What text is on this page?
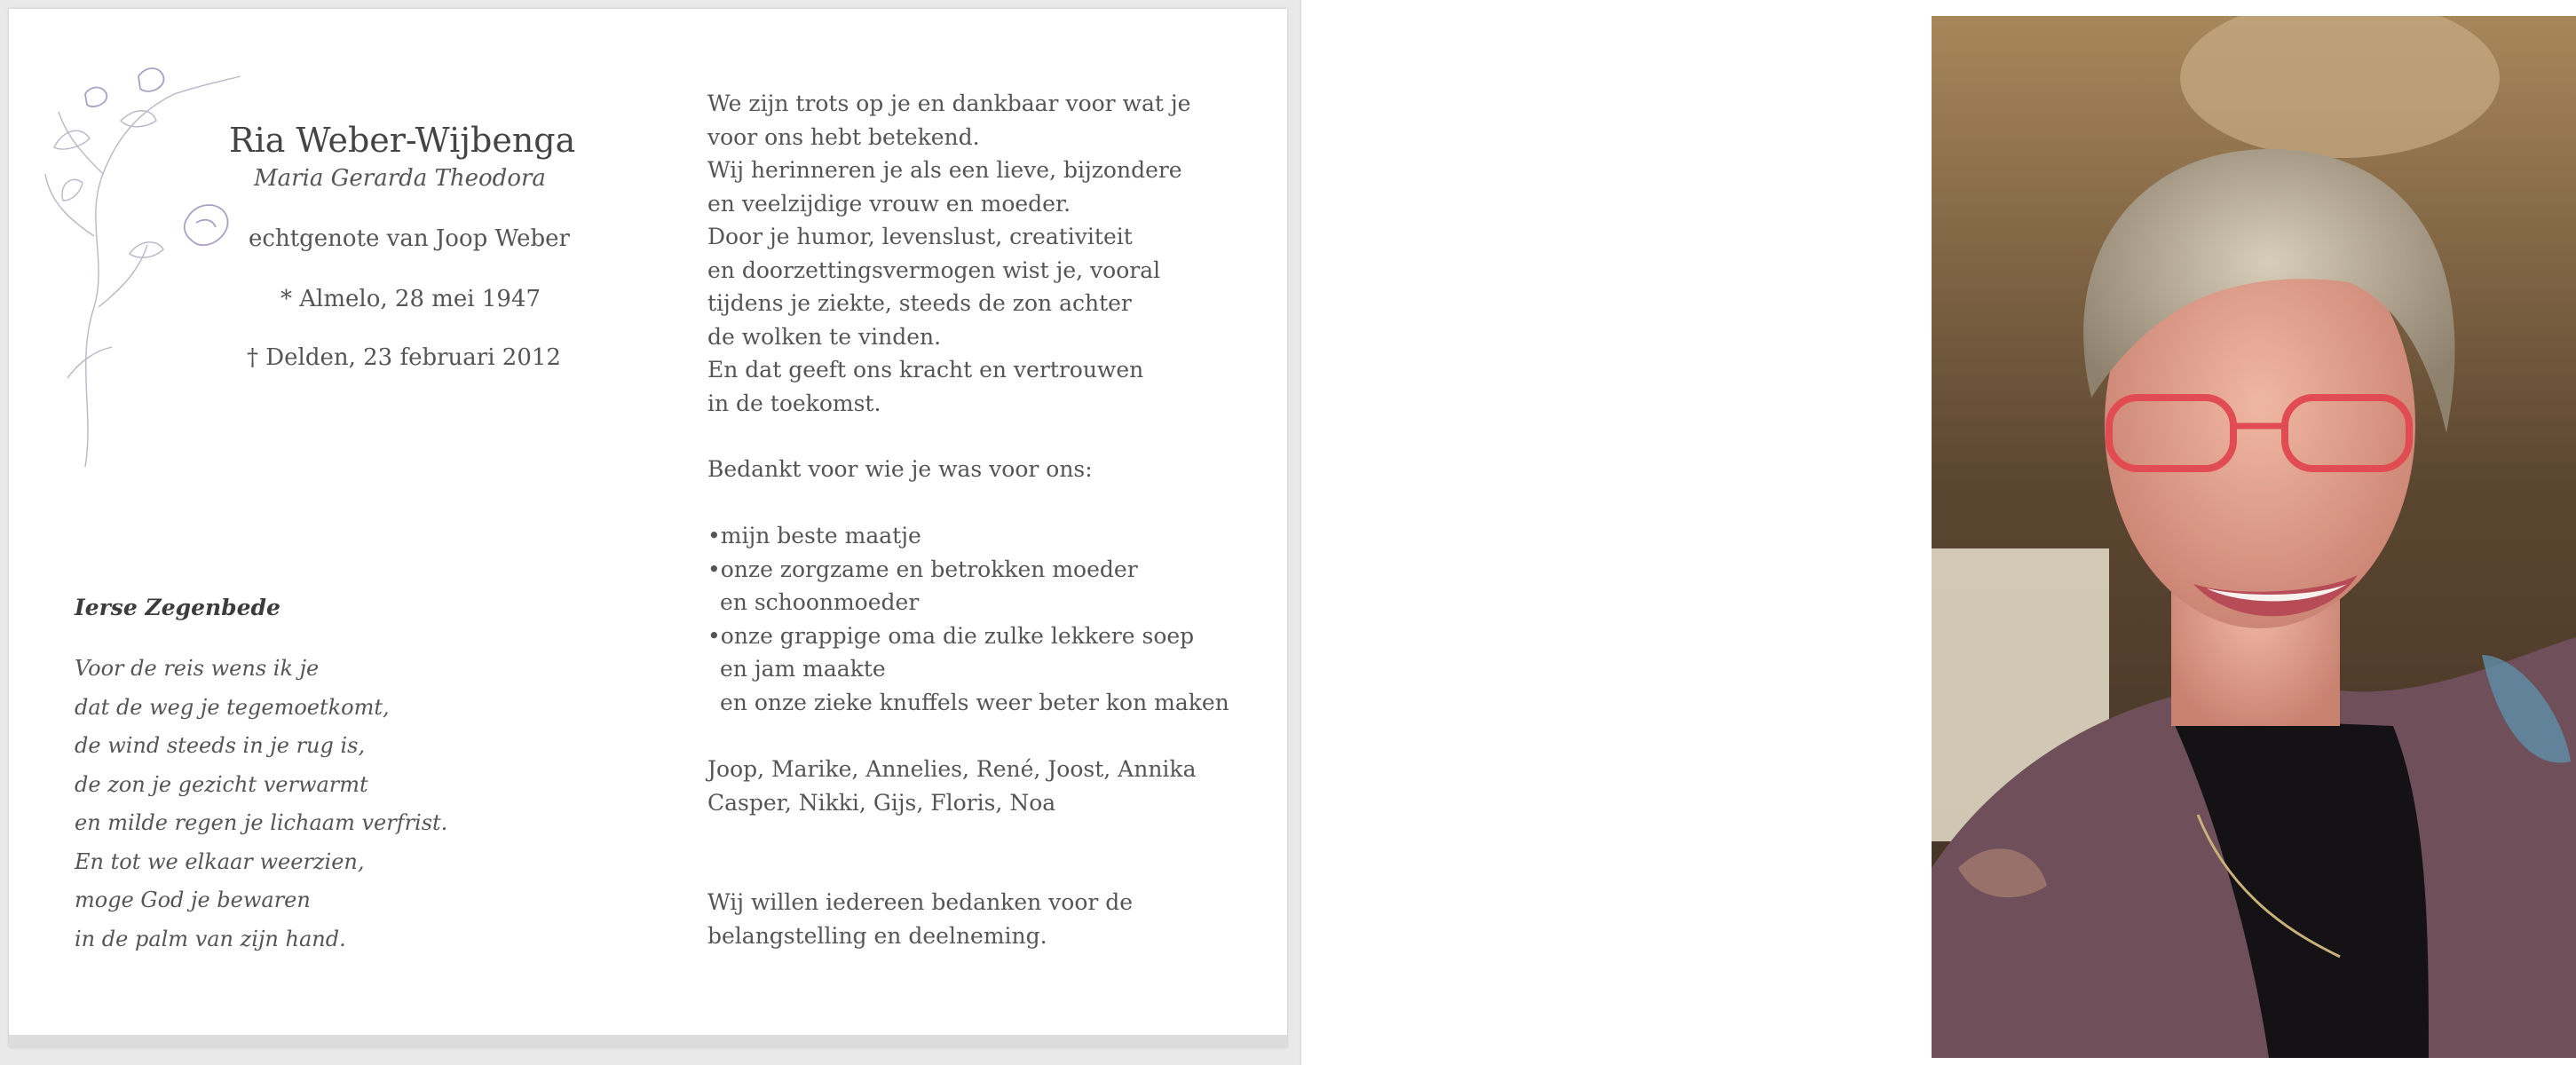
Ria Weber-Wijbenga

Maria Gerarda Theodora

echtgenote van Joop Weber

* Almelo, 28 mei 1947

† Delden, 23 februari 2012

Ierse Zegenbede

Voor de reis wens ik je
dat de weg je tegemoetkomt,
de wind steeds in je rug is,
de zon je gezicht verwarmt
en milde regen je lichaam verfrist.
En tot we elkaar weerzien,
moge God je bewaren
in de palm van zijn hand.
We zijn trots op je en dankbaar voor wat je
voor ons hebt betekend.
Wij herinneren je als een lieve, bijzondere
en veelzijdige vrouw en moeder.
Door je humor, levenslust, creativiteit
en doorzettingsvermogen wist je, vooral
tijdens je ziekte, steeds de zon achter
de wolken te vinden.
En dat geeft ons kracht en vertrouwen
in de toekomst.
Bedankt voor wie je was voor ons:
•mijn beste maatje
•onze zorgzame en betrokken moeder
en schoonmoeder
•onze grappige oma die zulke lekkere soep
en jam maakte
en onze zieke knuffels weer beter kon maken
Joop, Marike, Annelies, René, Joost, Annika
Casper, Nikki, Gijs, Floris, Noa
Wij willen iedereen bedanken voor de
belangstelling en deelneming.
